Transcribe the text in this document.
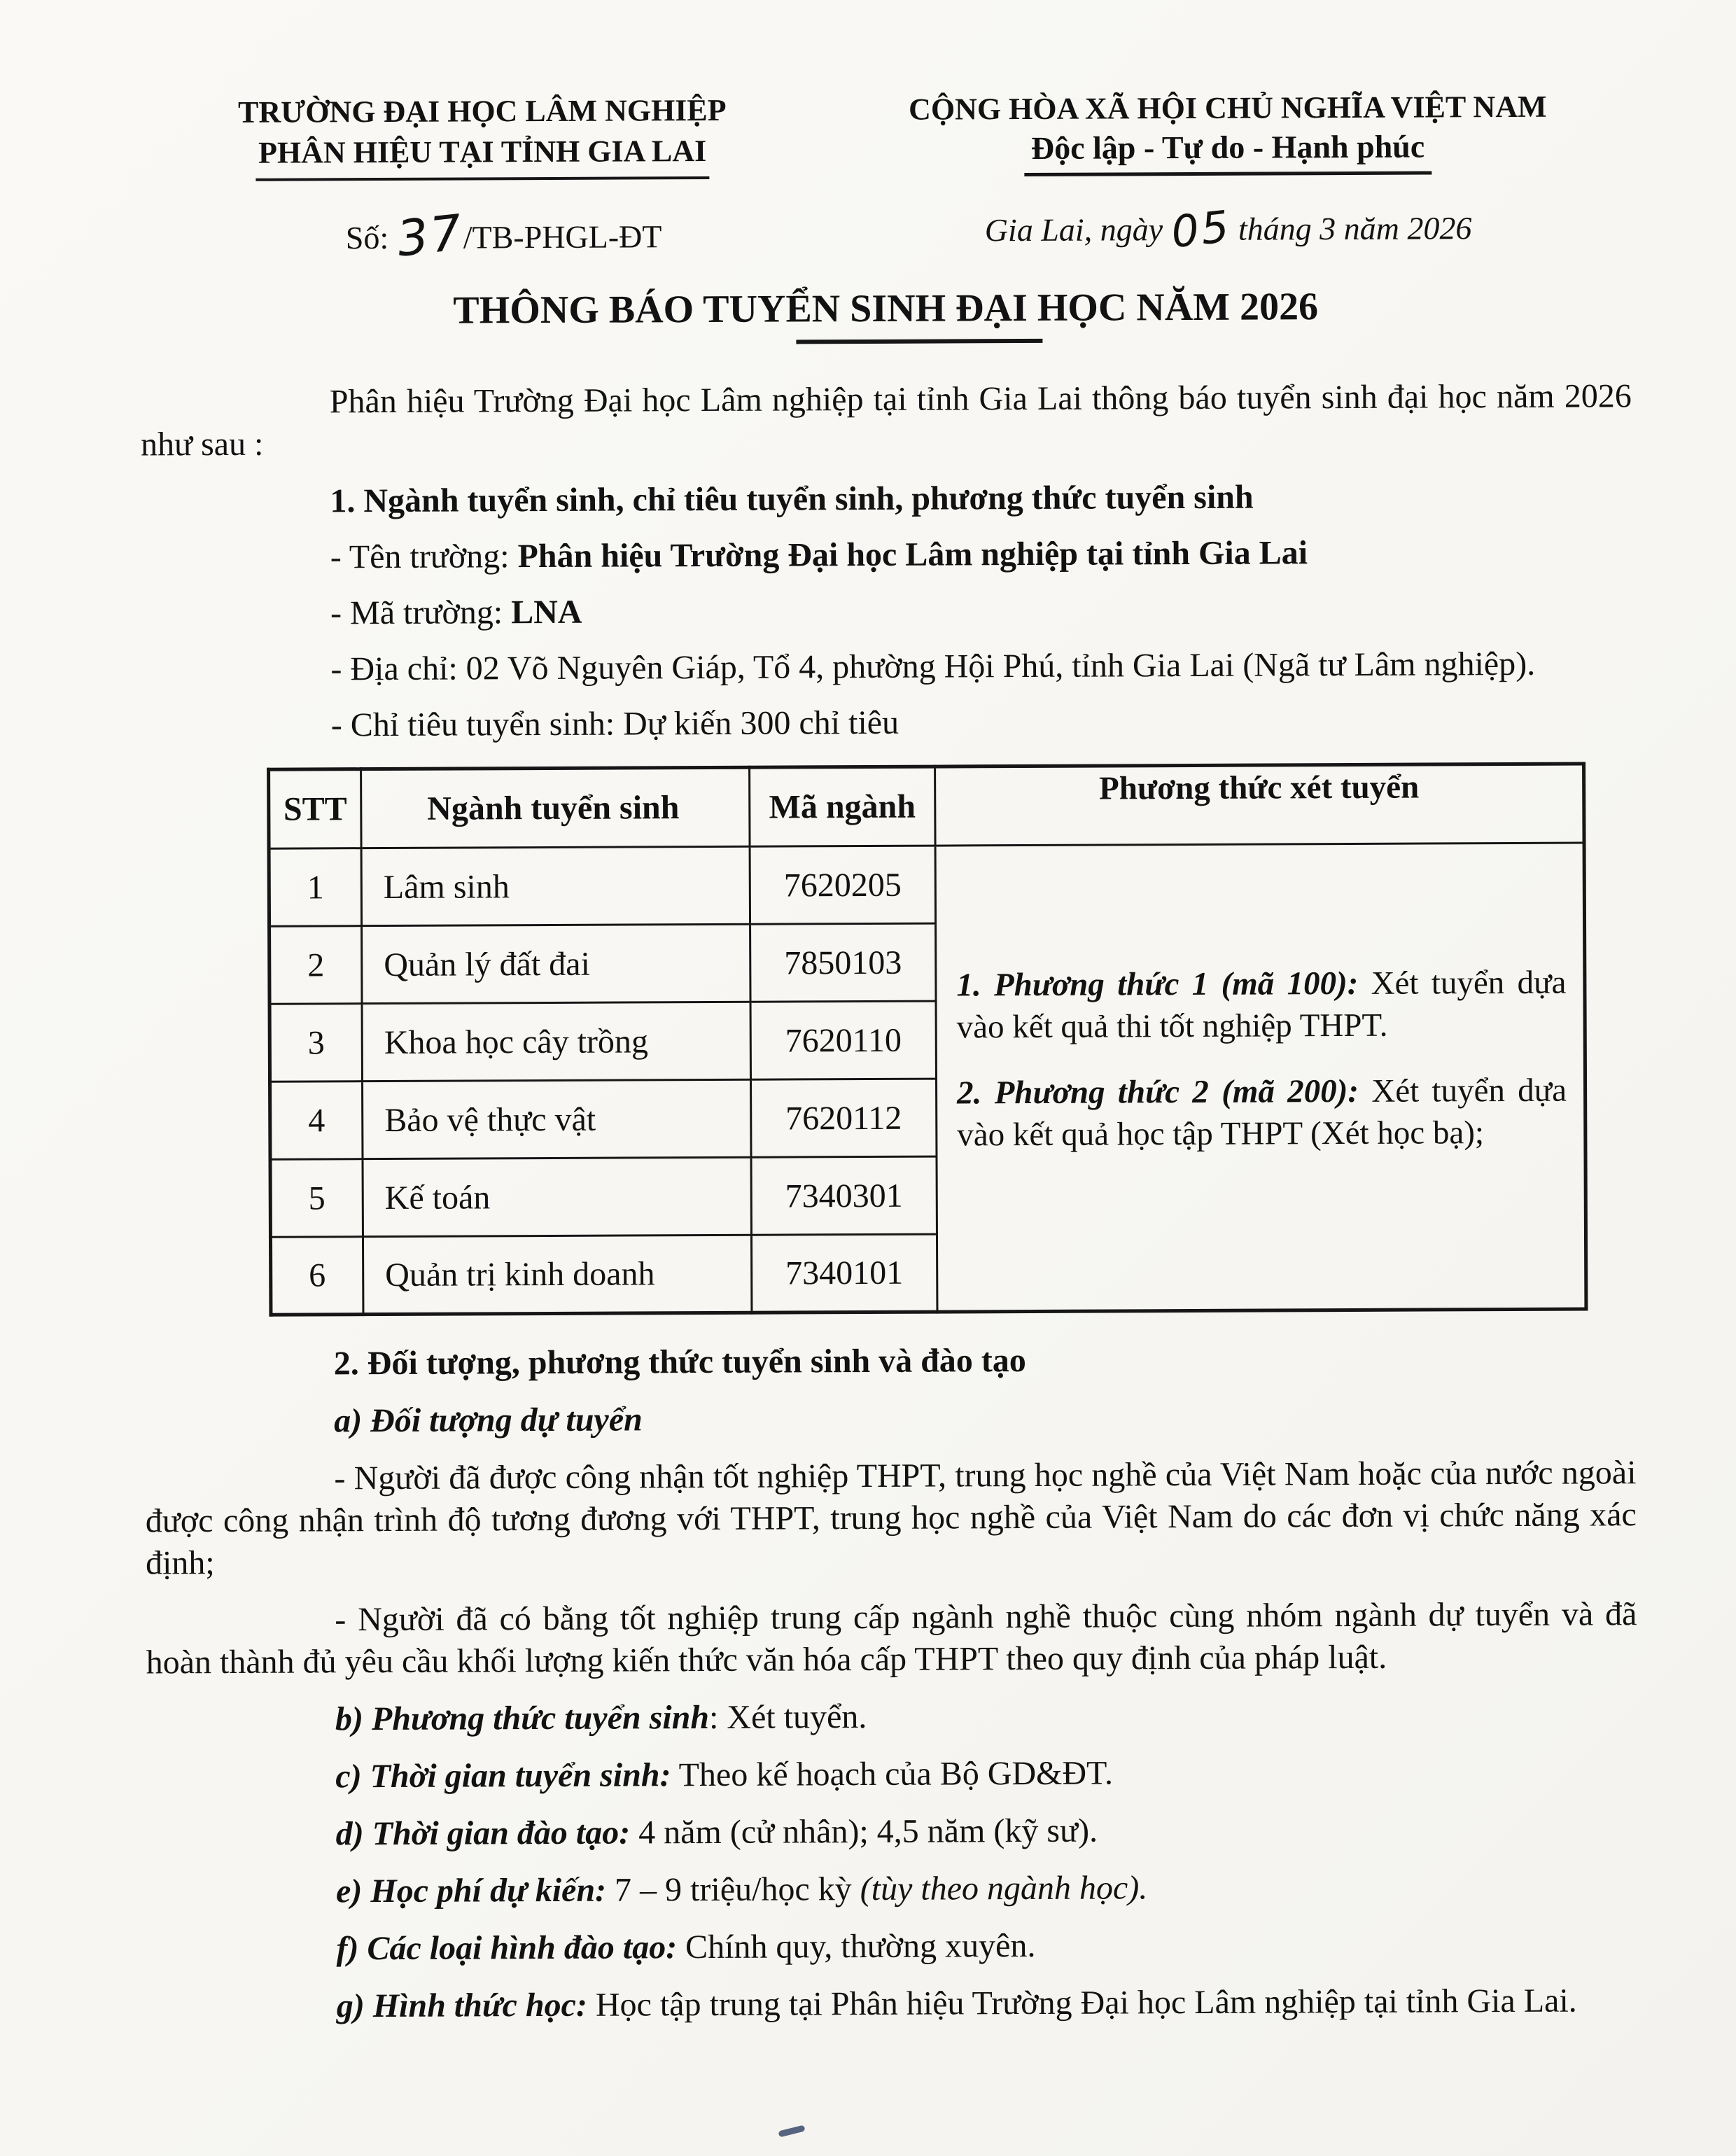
TRƯỜNG ĐẠI HỌC LÂM NGHIỆP
PHÂN HIỆU TẠI TỈNH GIA LAI
Số: 37/TB-PHGL-ĐT
CỘNG HÒA XÃ HỘI CHỦ NGHĨA VIỆT NAM
Độc lập - Tự do - Hạnh phúc
Gia Lai, ngày 05 tháng 3 năm 2026
THÔNG BÁO TUYỂN SINH ĐẠI HỌC NĂM 2026

Phân hiệu Trường Đại học Lâm nghiệp tại tỉnh Gia Lai thông báo tuyển sinh đại học năm 2026 như sau :

1. Ngành tuyển sinh, chỉ tiêu tuyển sinh, phương thức tuyển sinh

- Tên trường: Phân hiệu Trường Đại học Lâm nghiệp tại tỉnh Gia Lai

- Mã trường: LNA

- Địa chỉ: 02 Võ Nguyên Giáp, Tổ 4, phường Hội Phú, tỉnh Gia Lai (Ngã tư Lâm nghiệp).

- Chỉ tiêu tuyển sinh: Dự kiến 300 chỉ tiêu

STT	Ngành tuyển sinh	Mã ngành	Phương thức xét tuyển
1	Lâm sinh	7620205	1. Phương thức 1 (mã 100): Xét tuyển dựa vào kết quả thi tốt nghiệp THPT.

2. Phương thức 2 (mã 200): Xét tuyển dựa vào kết quả học tập THPT (Xét học bạ);

2	Quản lý đất đai	7850103	
3	Khoa học cây trồng	7620110	
4	Bảo vệ thực vật	7620112	
5	Kế toán	7340301	
6	Quản trị kinh doanh	7340101	

2. Đối tượng, phương thức tuyển sinh và đào tạo

a) Đối tượng dự tuyển

- Người đã được công nhận tốt nghiệp THPT, trung học nghề của Việt Nam hoặc của nước ngoài được công nhận trình độ tương đương với THPT, trung học nghề của Việt Nam do các đơn vị chức năng xác định;

- Người đã có bằng tốt nghiệp trung cấp ngành nghề thuộc cùng nhóm ngành dự tuyển và đã hoàn thành đủ yêu cầu khối lượng kiến thức văn hóa cấp THPT theo quy định của pháp luật.

b) Phương thức tuyển sinh: Xét tuyển.

c) Thời gian tuyển sinh: Theo kế hoạch của Bộ GD&ĐT.

d) Thời gian đào tạo: 4 năm (cử nhân); 4,5 năm (kỹ sư).

e) Học phí dự kiến: 7 – 9 triệu/học kỳ (tùy theo ngành học).

f) Các loại hình đào tạo: Chính quy, thường xuyên.

g) Hình thức học: Học tập trung tại Phân hiệu Trường Đại học Lâm nghiệp tại tỉnh Gia Lai.
